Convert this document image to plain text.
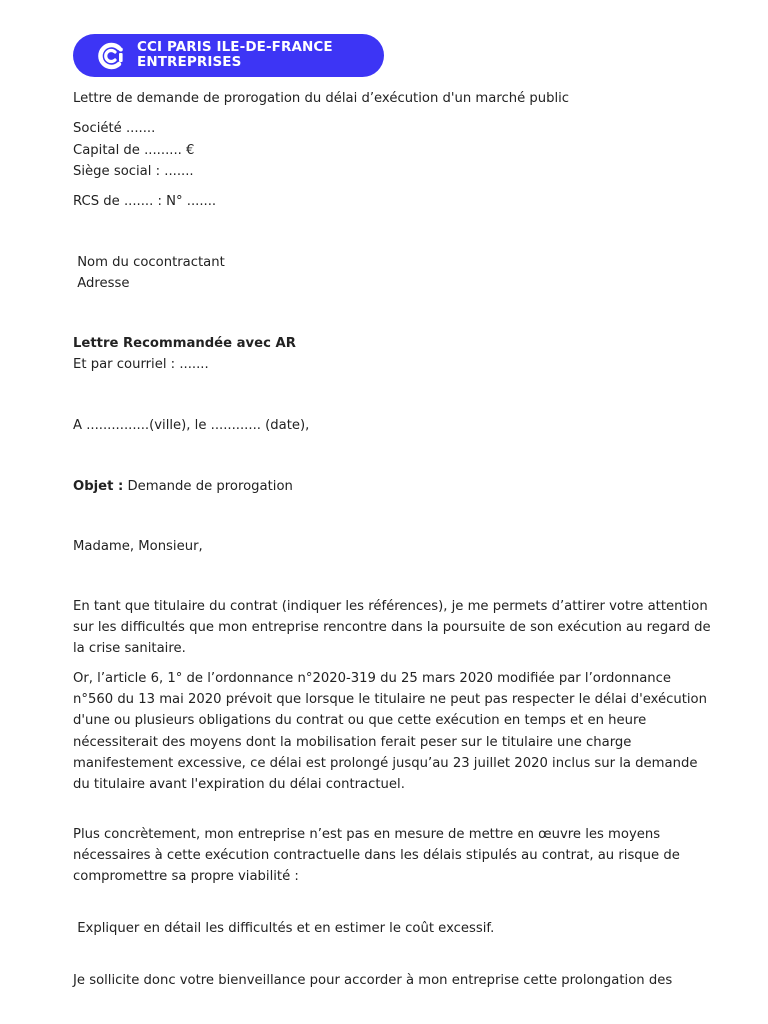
CCI PARIS ILE-DE-FRANCE
ENTREPRISES
Lettre de demande de prorogation du délai d’exécution d'un marché public
Société .......
Capital de ......... €
Siège social : .......
RCS de ....... : N° .......
Nom du cocontractant
Adresse
Lettre Recommandée avec AR
Et par courriel : .......
A ...............(ville), le ............ (date),
Objet : Demande de prorogation
Madame, Monsieur,
En tant que titulaire du contrat (indiquer les références), je me permets d’attirer votre attention
sur les difficultés que mon entreprise rencontre dans la poursuite de son exécution au regard de
la crise sanitaire.
Or, l’article 6, 1° de l’ordonnance n°2020-319 du 25 mars 2020 modifiée par l’ordonnance
n°560 du 13 mai 2020 prévoit que lorsque le titulaire ne peut pas respecter le délai d'exécution
d'une ou plusieurs obligations du contrat ou que cette exécution en temps et en heure
nécessiterait des moyens dont la mobilisation ferait peser sur le titulaire une charge
manifestement excessive, ce délai est prolongé jusqu’au 23 juillet 2020 inclus sur la demande
du titulaire avant l'expiration du délai contractuel.
Plus concrètement, mon entreprise n’est pas en mesure de mettre en œuvre les moyens
nécessaires à cette exécution contractuelle dans les délais stipulés au contrat, au risque de
compromettre sa propre viabilité :
Expliquer en détail les difficultés et en estimer le coût excessif.
Je sollicite donc votre bienveillance pour accorder à mon entreprise cette prolongation des
